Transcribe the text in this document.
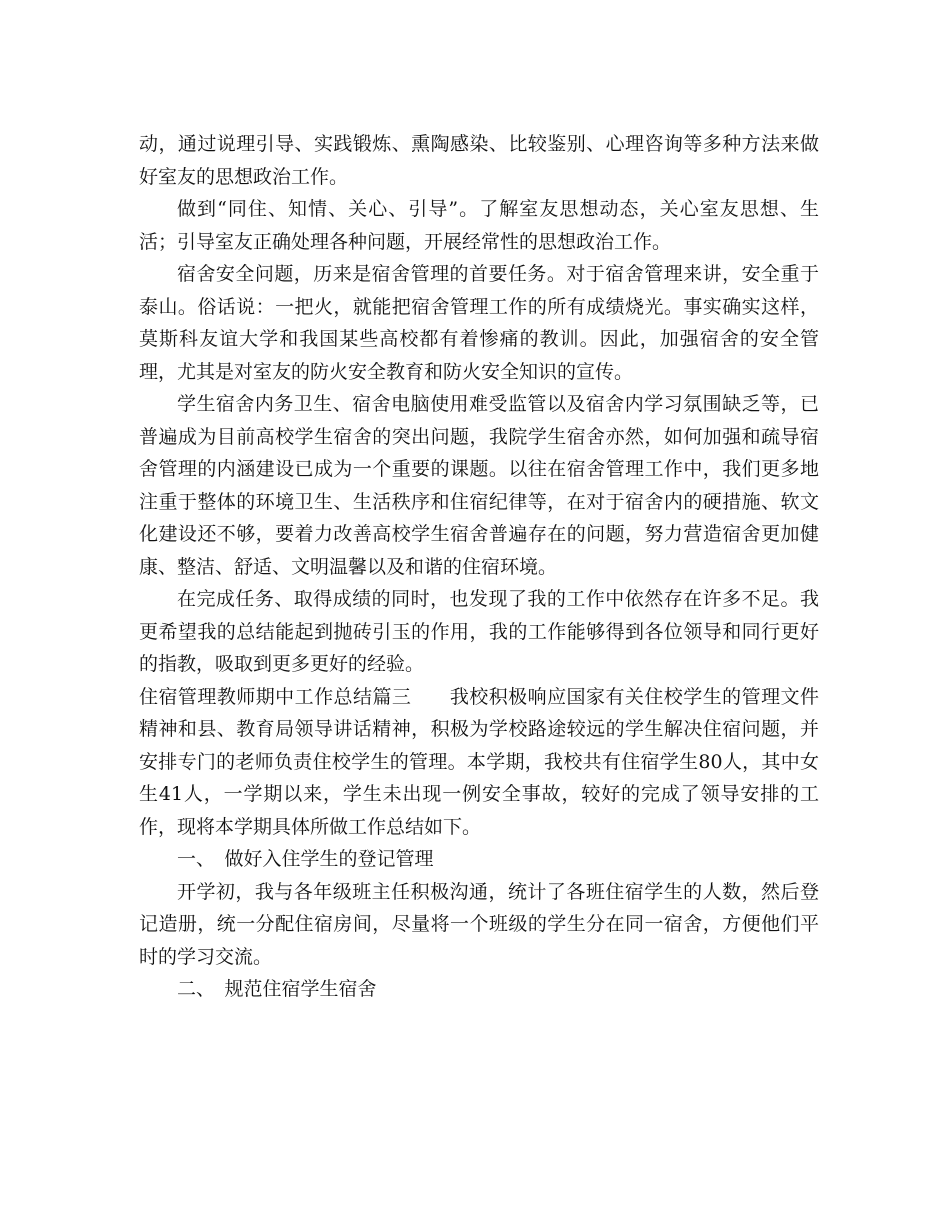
动，通过说理引导、实践锻炼、熏陶感染、比较鉴别、心理咨询等多种方法来做好室友的思想政治工作。

做到“同住、知情、关心、引导”。了解室友思想动态，关心室友思想、生活；引导室友正确处理各种问题，开展经常性的思想政治工作。

宿舍安全问题，历来是宿舍管理的首要任务。对于宿舍管理来讲，安全重于泰山。俗话说：一把火，就能把宿舍管理工作的所有成绩烧光。事实确实这样，莫斯科友谊大学和我国某些高校都有着惨痛的教训。因此，加强宿舍的安全管理，尤其是对室友的防火安全教育和防火安全知识的宣传。

学生宿舍内务卫生、宿舍电脑使用难受监管以及宿舍内学习氛围缺乏等，已普遍成为目前高校学生宿舍的突出问题，我院学生宿舍亦然，如何加强和疏导宿舍管理的内涵建设已成为一个重要的课题。以往在宿舍管理工作中，我们更多地注重于整体的环境卫生、生活秩序和住宿纪律等，在对于宿舍内的硬措施、软文化建设还不够，要着力改善高校学生宿舍普遍存在的问题，努力营造宿舍更加健康、整洁、舒适、文明温馨以及和谐的住宿环境。

在完成任务、取得成绩的同时，也发现了我的工作中依然存在许多不足。我更希望我的总结能起到抛砖引玉的作用，我的工作能够得到各位领导和同行更好的指教，吸取到更多更好的经验。

住宿管理教师期中工作总结篇三 我校积极响应国家有关住校学生的管理文件精神和县、教育局领导讲话精神，积极为学校路途较远的学生解决住宿问题，并安排专门的老师负责住校学生的管理。本学期，我校共有住宿学生80人，其中女生41人，一学期以来，学生未出现一例安全事故，较好的完成了领导安排的工作，现将本学期具体所做工作总结如下。

一、　做好入住学生的登记管理

开学初，我与各年级班主任积极沟通，统计了各班住宿学生的人数，然后登记造册，统一分配住宿房间，尽量将一个班级的学生分在同一宿舍，方便他们平时的学习交流。

二、　规范住宿学生宿舍
